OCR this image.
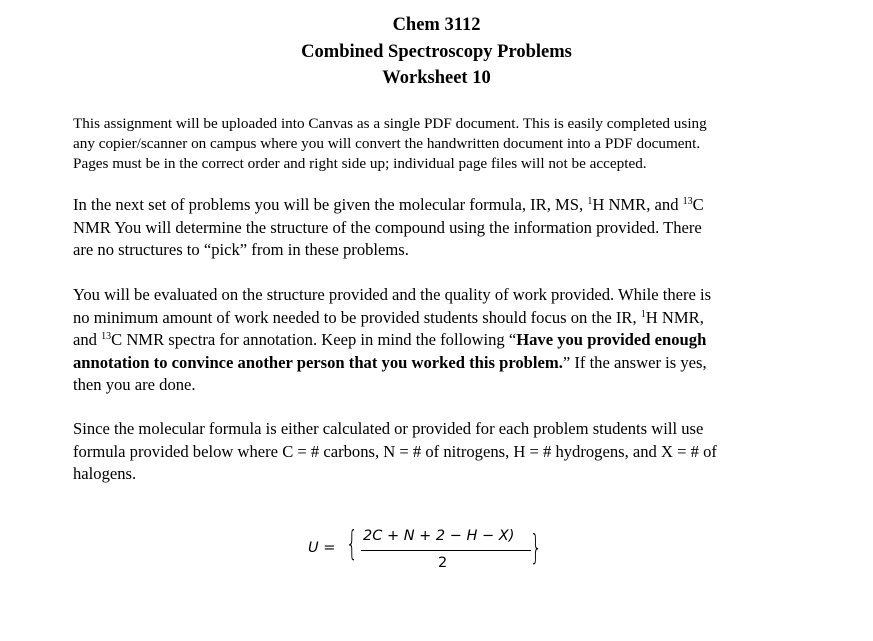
Chem 3112
Combined Spectroscopy Problems
Worksheet 10
This assignment will be uploaded into Canvas as a single PDF document. This is easily completed using
any copier/scanner on campus where you will convert the handwritten document into a PDF document.
Pages must be in the correct order and right side up; individual page files will not be accepted.
In the next set of problems you will be given the molecular formula, IR, MS, $^1$H NMR, and $^{13}$C
NMR You will determine the structure of the compound using the information provided. There
are no structures to “pick” from in these problems.
You will be evaluated on the structure provided and the quality of work provided. While there is
no minimum amount of work needed to be provided students should focus on the IR, $^1$H NMR,
and $^{13}$C NMR spectra for annotation. Keep in mind the following “Have you provided enough
annotation to convince another person that you worked this problem.” If the answer is yes,
then you are done.
Since the molecular formula is either calculated or provided for each problem students will use
formula provided below where C = # carbons, N = # of nitrogens, H = # hydrogens, and X = # of
halogens.
U = { 2C + N + 2 − H − X)
2 }
